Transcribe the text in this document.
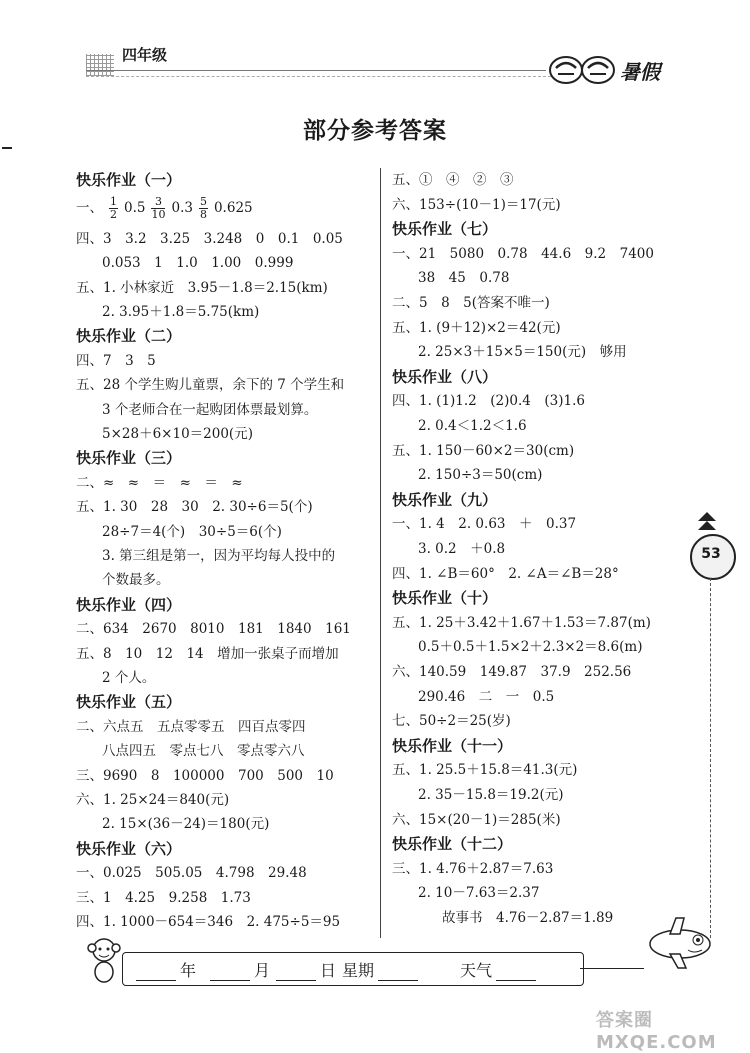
四年级
暑假
部分参考答案
快乐作业（一）
一、 $\frac{1}{2} 0.5 \frac{3}{10} 0.3 \frac{5}{8} 0.625$
四、3　3.2　3.25　3.248　0　0.1　0.05
0.053　1　1.0　1.00　0.999
五、1. 小林家近　3.95－1.8＝2.15(km)
2. 3.95＋1.8＝5.75(km)
快乐作业（二）
四、7　3　5
五、28 个学生购儿童票，余下的 7 个学生和
3 个老师合在一起购团体票最划算。
5×28＋6×10＝200(元)
快乐作业（三）
二、≈　≈　＝　≈　＝　≈
五、1. 30　28　30　2. 30÷6＝5(个)
28÷7＝4(个)　30÷5＝6(个)
3. 第三组是第一，因为平均每人投中的
个数最多。
快乐作业（四）
二、634　2670　8010　181　1840　161
五、8　10　12　14　增加一张桌子而增加
2 个人。
快乐作业（五）
二、六点五　五点零零五　四百点零四
八点四五　零点七八　零点零六八
三、9690　8　100000　700　500　10
六、1. 25×24＝840(元)
2. 15×(36－24)＝180(元)
快乐作业（六）
一、0.025　505.05　4.798　29.48
三、1　4.25　9.258　1.73
四、1. 1000－654＝346　2. 475÷5＝95
五、①　④　②　③
六、153÷(10－1)＝17(元)
快乐作业（七）
一、21　5080　0.78　44.6　9.2　7400
38　45　0.78
二、5　8　5(答案不唯一)
五、1. (9＋12)×2＝42(元)
2. 25×3＋15×5＝150(元)　够用
快乐作业（八）
四、1. (1)1.2　(2)0.4　(3)1.6
2. 0.4＜1.2＜1.6
五、1. 150－60×2＝30(cm)
2. 150÷3＝50(cm)
快乐作业（九）
一、1. 4　2. 0.63　＋　0.37
3. 0.2　＋0.8
四、1. ∠B＝60°　2. ∠A＝∠B＝28°
快乐作业（十）
五、1. 25＋3.42＋1.67＋1.53＝7.87(m)
0.5＋0.5＋1.5×2＋2.3×2＝8.6(m)
六、140.59　149.87　37.9　252.56
290.46　二　一　0.5
七、50÷2＝25(岁)
快乐作业（十一）
五、1. 25.5＋15.8＝41.3(元)
2. 35－15.8＝19.2(元)
六、15×(20－1)＝285(米)
快乐作业（十二）
三、1. 4.76＋2.87＝7.63
2. 10－7.63＝2.37
故事书　4.76－2.87＝1.89
53
年	月	日 星期	天气
答案圈 MXQE.COM
